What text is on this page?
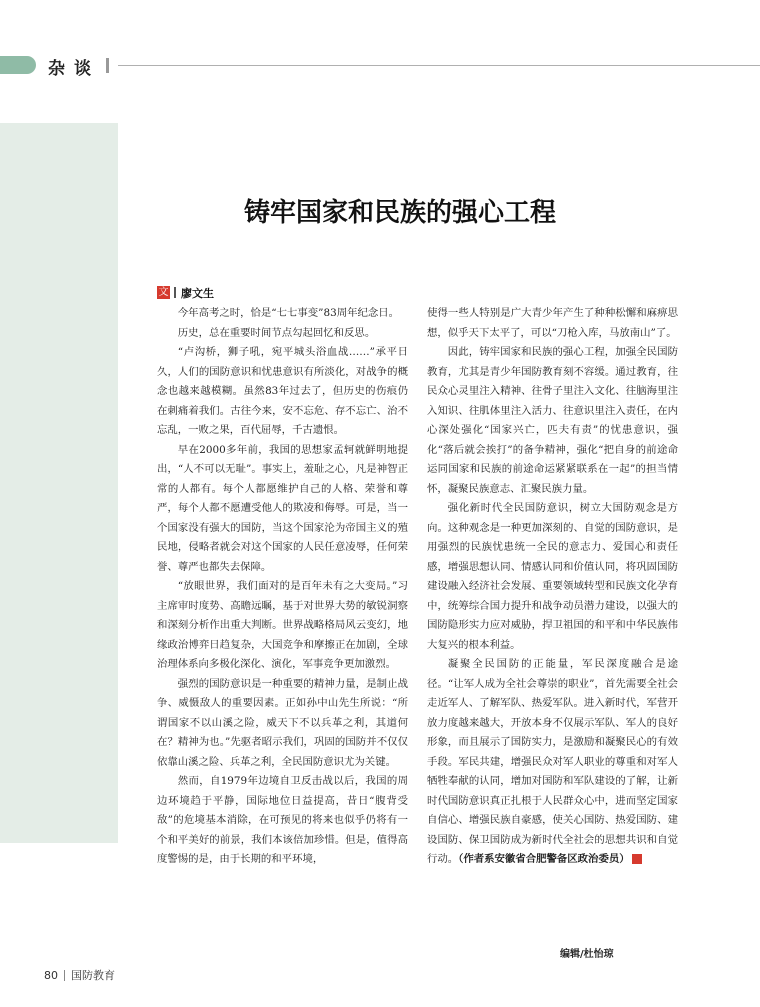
杂谈
铸牢国家和民族的强心工程
文 廖文生

今年高考之时，恰是“七七事变”83周年纪念日。

历史，总在重要时间节点勾起回忆和反思。

“卢沟桥，狮子吼，宛平城头浴血战……”承平日久，人们的国防意识和忧患意识有所淡化，对战争的概念也越来越模糊。虽然83年过去了，但历史的伤痕仍在刺痛着我们。古往今来，安不忘危、存不忘亡、治不忘乱，一败之果，百代屈辱，千古遗恨。

早在2000多年前，我国的思想家孟轲就鲜明地提出，“人不可以无耻”。事实上，羞耻之心，凡是神智正常的人都有。每个人都愿维护自己的人格、荣誉和尊严，每个人都不愿遭受他人的欺凌和侮辱。可是，当一个国家没有强大的国防，当这个国家沦为帝国主义的殖民地，侵略者就会对这个国家的人民任意凌辱，任何荣誉、尊严也都失去保障。

“放眼世界，我们面对的是百年未有之大变局。”习主席审时度势、高瞻远瞩，基于对世界大势的敏锐洞察和深刻分析作出重大判断。世界战略格局风云变幻，地缘政治博弈日趋复杂，大国竞争和摩擦正在加剧，全球治理体系向多极化深化、演化，军事竞争更加激烈。

强烈的国防意识是一种重要的精神力量，是制止战争、威慑敌人的重要因素。正如孙中山先生所说：“所谓国家不以山溪之险，威天下不以兵革之利，其道何在？精神为也。”先驱者昭示我们，巩固的国防并不仅仅依靠山溪之险、兵革之利，全民国防意识尤为关键。

然而，自1979年边境自卫反击战以后，我国的周边环境趋于平静，国际地位日益提高，昔日“腹背受敌”的危境基本消除，在可预见的将来也似乎仍将有一个和平美好的前景，我们本该倍加珍惜。但是，值得高度警惕的是，由于长期的和平环境，

使得一些人特别是广大青少年产生了种种松懈和麻痹思想，似乎天下太平了，可以“刀枪入库，马放南山”了。

因此，铸牢国家和民族的强心工程，加强全民国防教育，尤其是青少年国防教育刻不容缓。通过教育，往民众心灵里注入精神、往骨子里注入文化、往脑海里注入知识、往肌体里注入活力、往意识里注入责任，在内心深处强化“国家兴亡，匹夫有责”的忧患意识，强化“落后就会挨打”的备争精神，强化“把自身的前途命运同国家和民族的前途命运紧紧联系在一起”的担当情怀，凝聚民族意志、汇聚民族力量。

强化新时代全民国防意识，树立大国防观念是方向。这种观念是一种更加深刻的、自觉的国防意识，是用强烈的民族忧患统一全民的意志力、爱国心和责任感，增强思想认同、情感认同和价值认同，将巩固国防建设融入经济社会发展、重要领域转型和民族文化孕育中，统筹综合国力提升和战争动员潜力建设，以强大的国防隐形实力应对威胁，捍卫祖国的和平和中华民族伟大复兴的根本利益。

凝聚全民国防的正能量，军民深度融合是途径。“让军人成为全社会尊崇的职业”，首先需要全社会走近军人、了解军队、热爱军队。进入新时代，军营开放力度越来越大，开放本身不仅展示军队、军人的良好形象，而且展示了国防实力，是激励和凝聚民心的有效手段。军民共建，增强民众对军人职业的尊重和对军人牺牲奉献的认同，增加对国防和军队建设的了解，让新时代国防意识真正扎根于人民群众心中，进而坚定国家自信心、增强民族自豪感，使关心国防、热爱国防、建设国防、保卫国防成为新时代全社会的思想共识和自觉行动。（作者系安徽省合肥警备区政治委员）	G

编辑/杜怡琼
80 国防教育
